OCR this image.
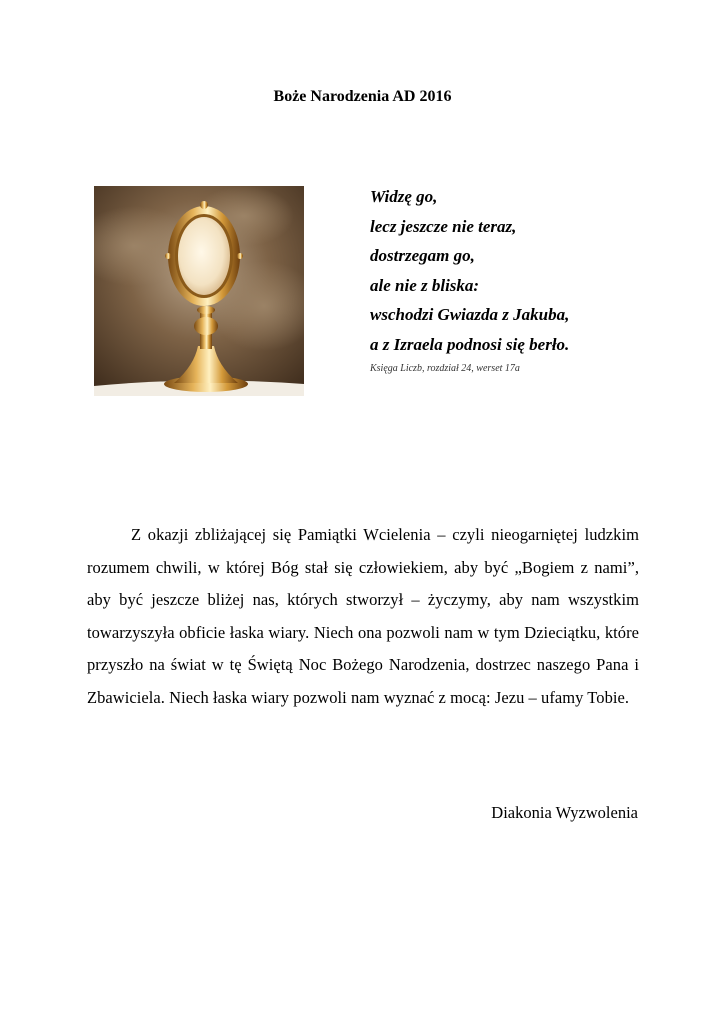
Boże Narodzenia AD 2016
Widzę go,
lecz jeszcze nie teraz,
dostrzegam go,
ale nie z bliska:
wschodzi Gwiazda z Jakuba,
a z Izraela podnosi się berło.
Księga Liczb, rozdział 24, werset 17a

Z okazji zbliżającej się Pamiątki Wcielenia – czyli nieogarniętej ludzkim rozumem chwili, w której Bóg stał się człowiekiem, aby być „Bogiem z nami”, aby być jeszcze bliżej nas, których stworzył – życzymy, aby nam wszystkim towarzyszyła obficie łaska wiary. Niech ona pozwoli nam w tym Dzieciątku, które przyszło na świat w tę Świętą Noc Bożego Narodzenia, dostrzec naszego Pana i Zbawiciela. Niech łaska wiary pozwoli nam wyznać z mocą: Jezu – ufamy Tobie.

Diakonia Wyzwolenia
